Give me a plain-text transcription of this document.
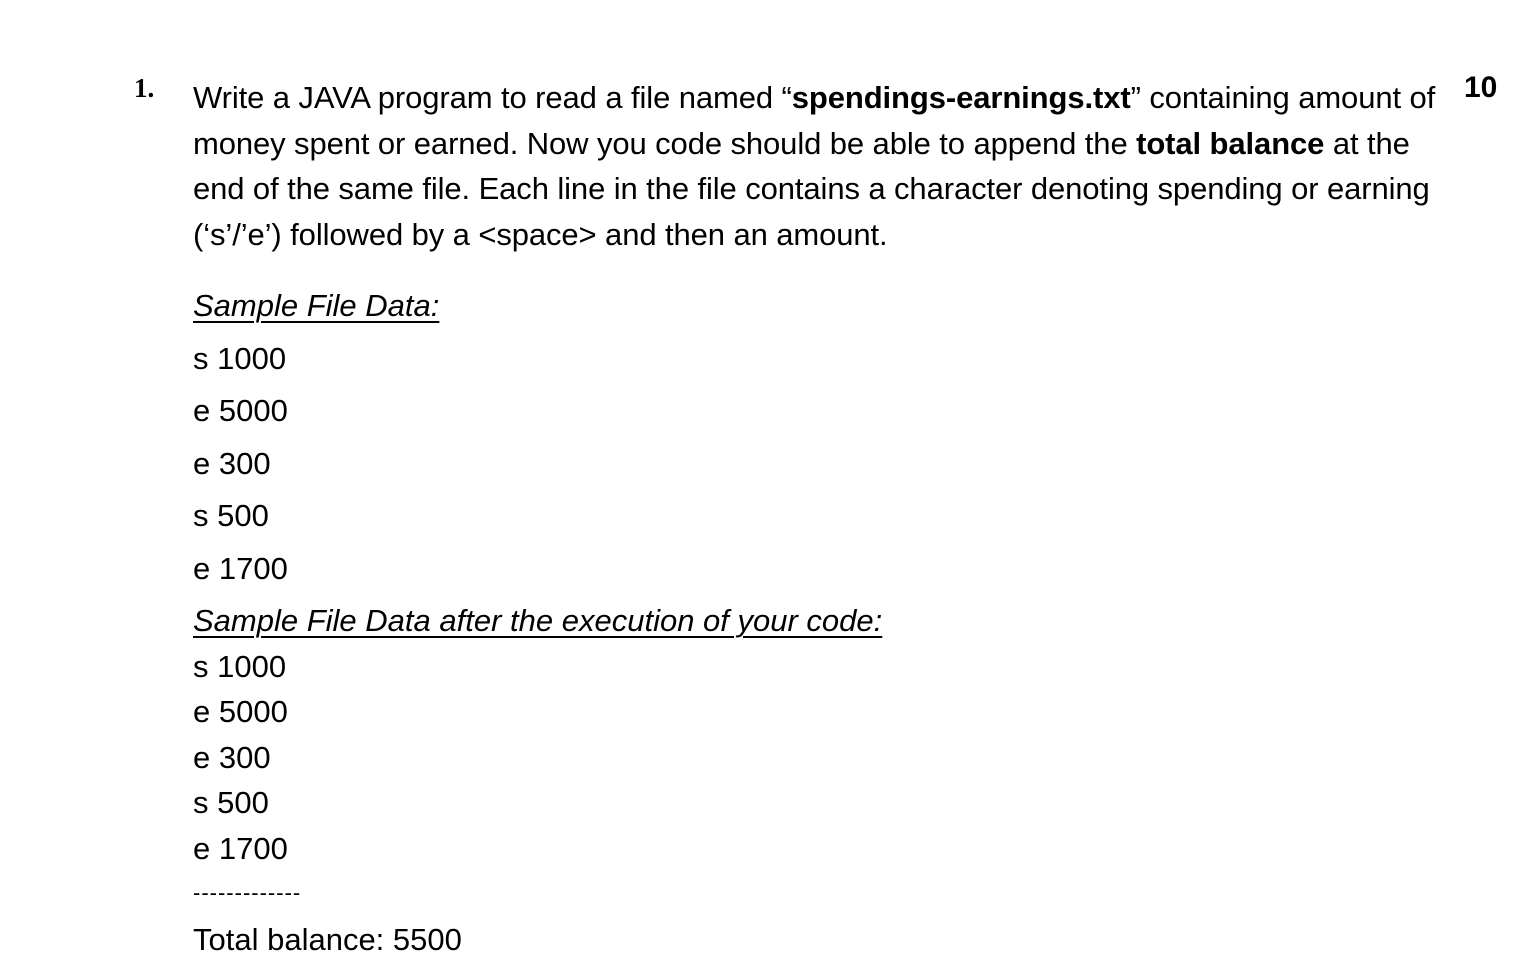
1.	10
Write a JAVA program to read a file named “spendings-earnings.txt” containing amount of money spent or earned. Now you code should be able to append the total balance at the end of the same file. Each line in the file contains a character denoting spending or earning (‘s’/’e’) followed by a <space> and then an amount.
Sample File Data:
s 1000
e 5000
e 300
s 500
e 1700
Sample File Data after the execution of your code:
s 1000
e 5000
e 300
s 500
e 1700
-------------
Total balance: 5500
